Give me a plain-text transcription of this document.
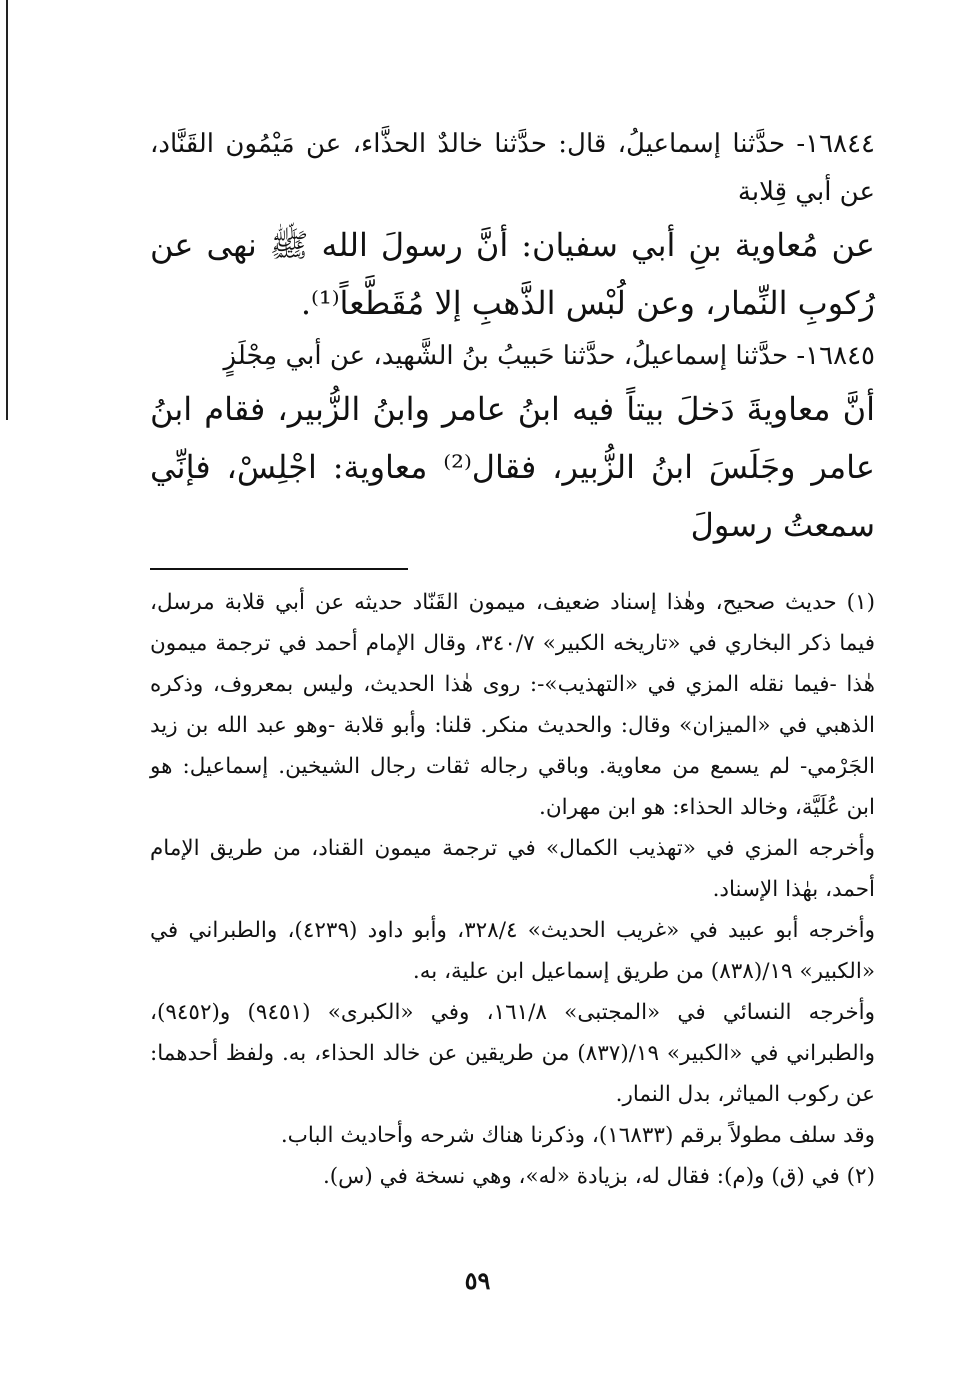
١٦٨٤٤- حدَّثنا إسماعيلُ، قال: حدَّثنا خالدٌ الحذَّاء، عن مَيْمُون القَنَّاد، عن أبي قِلابة

عن مُعاوية بنِ أبي سفيان: أنَّ رسولَ الله ﷺ نهى عن رُكوبِ النِّمار، وعن لُبْس الذَّهبِ إلا مُقَطَّعاً⁽¹⁾.

١٦٨٤٥- حدَّثنا إسماعيلُ، حدَّثنا حَبيبُ بنُ الشَّهيد، عن أبي مِجْلَزٍ

أنَّ معاويةَ دَخلَ بيتاً فيه ابنُ عامر وابنُ الزُّبير، فقام ابنُ عامر وجَلَسَ ابنُ الزُّبير، فقال⁽²⁾ معاوية: اجْلِسْ، فإنِّي سمعتُ رسولَ

(١) حديث صحيح، وهٰذا إسناد ضعيف، ميمون القَنّاد حديثه عن أبي قلابة مرسل، فيما ذكر البخاري في «تاريخه الكبير» ٣٤٠/٧، وقال الإمام أحمد في ترجمة ميمون هٰذا -فيما نقله المزي في «التهذيب»-: روى هٰذا الحديث، وليس بمعروف، وذكره الذهبي في «الميزان» وقال: والحديث منكر. قلنا: وأبو قلابة -وهو عبد الله بن زيد الجَرْمي- لم يسمع من معاوية. وباقي رجاله ثقات رجال الشيخين. إسماعيل: هو ابن عُلَيَّة، وخالد الحذاء: هو ابن مهران.

وأخرجه المزي في «تهذيب الكمال» في ترجمة ميمون القناد، من طريق الإمام أحمد، بهٰذا الإسناد.

وأخرجه أبو عبيد في «غريب الحديث» ٣٢٨/٤، وأبو داود (٤٢٣٩)، والطبراني في «الكبير» ١٩/(٨٣٨) من طريق إسماعيل ابن علية، به.

وأخرجه النسائي في «المجتبى» ١٦١/٨، وفي «الكبرى» (٩٤٥١) و(٩٤٥٢)، والطبراني في «الكبير» ١٩/(٨٣٧) من طريقين عن خالد الحذاء، به. ولفظ أحدهما: عن ركوب المياثر، بدل النمار.

وقد سلف مطولاً برقم (١٦٨٣٣)، وذكرنا هناك شرحه وأحاديث الباب.

(٢) في (ق) و(م): فقال له، بزيادة «له»، وهي نسخة في (س).

٥٩
